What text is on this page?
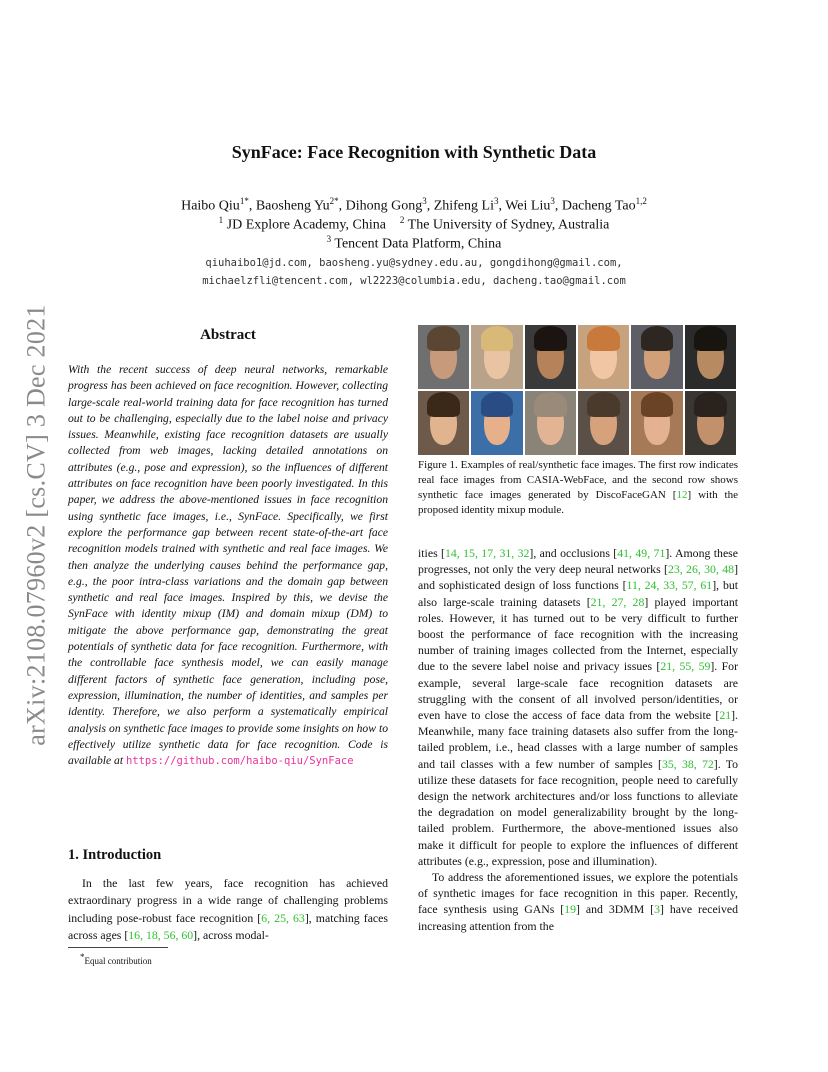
arXiv:2108.07960v2 [cs.CV] 3 Dec 2021
SynFace: Face Recognition with Synthetic Data
Haibo Qiu$^{1*}$, Baosheng $Yu^{2*}$, Dihong Gong$^3$, Zhifeng Li$^3$, Wei Liu$^3$, Dacheng Tao$^{1,2}$
$^1$ JD Explore Academy, China $^2$ The University of Sydney, Australia
$^3$ Tencent Data Platform, China
qiuhaibo1@jd.com, baosheng.yu@sydney.edu.au, gongdihong@gmail.com,
michaelzfli@tencent.com, wl2223@columbia.edu, dacheng.tao@gmail.com
Abstract
With the recent success of deep neural networks, remarkable progress has been achieved on face recognition. However, collecting large-scale real-world training data for face recognition has turned out to be challenging, especially due to the label noise and privacy issues. Meanwhile, existing face recognition datasets are usually collected from web images, lacking detailed annotations on attributes (e.g., pose and expression), so the influences of different attributes on face recognition have been poorly investigated. In this paper, we address the above-mentioned issues in face recognition using synthetic face images, i.e., SynFace. Specifically, we first explore the performance gap between recent state-of-the-art face recognition models trained with synthetic and real face images. We then analyze the underlying causes behind the performance gap, e.g., the poor intra-class variations and the domain gap between synthetic and real face images. Inspired by this, we devise the SynFace with identity mixup (IM) and domain mixup (DM) to mitigate the above performance gap, demonstrating the great potentials of synthetic data for face recognition. Furthermore, with the controllable face synthesis model, we can easily manage different factors of synthetic face generation, including pose, expression, illumination, the number of identities, and samples per identity. Therefore, we also perform a systematically empirical analysis on synthetic face images to provide some insights on how to effectively utilize synthetic data for face recognition. Code is available at https://github.com/haibo-qiu/SynFace
1. Introduction
In the last few years, face recognition has achieved extraordinary progress in a wide range of challenging problems including pose-robust face recognition [6, 25, 63], matching faces across ages [16, 18, 56, 60], across modal-
*Equal contribution
Figure 1. Examples of real/synthetic face images. The first row indicates real face images from CASIA-WebFace, and the second row shows synthetic face images generated by DiscoFaceGAN [12] with the proposed identity mixup module.

ities [14, 15, 17, 31, 32], and occlusions [41, 49, 71]. Among these progresses, not only the very deep neural networks [23, 26, 30, 48] and sophisticated design of loss functions [11, 24, 33, 57, 61], but also large-scale training datasets [21, 27, 28] played important roles. However, it has turned out to be very difficult to further boost the performance of face recognition with the increasing number of training images collected from the Internet, especially due to the severe label noise and privacy issues [21, 55, 59]. For example, several large-scale face recognition datasets are struggling with the consent of all involved person/identities, or even have to close the access of face data from the website [21]. Meanwhile, many face training datasets also suffer from the long-tailed problem, i.e., head classes with a large number of samples and tail classes with a few number of samples [35, 38, 72]. To utilize these datasets for face recognition, people need to carefully design the network architectures and/or loss functions to alleviate the degradation on model generalizability brought by the long-tailed problem. Furthermore, the above-mentioned issues also make it difficult for people to explore the influences of different attributes (e.g., expression, pose and illumination).

To address the aforementioned issues, we explore the potentials of synthetic images for face recognition in this paper. Recently, face synthesis using GANs [19] and 3DMM [3] have received increasing attention from the
